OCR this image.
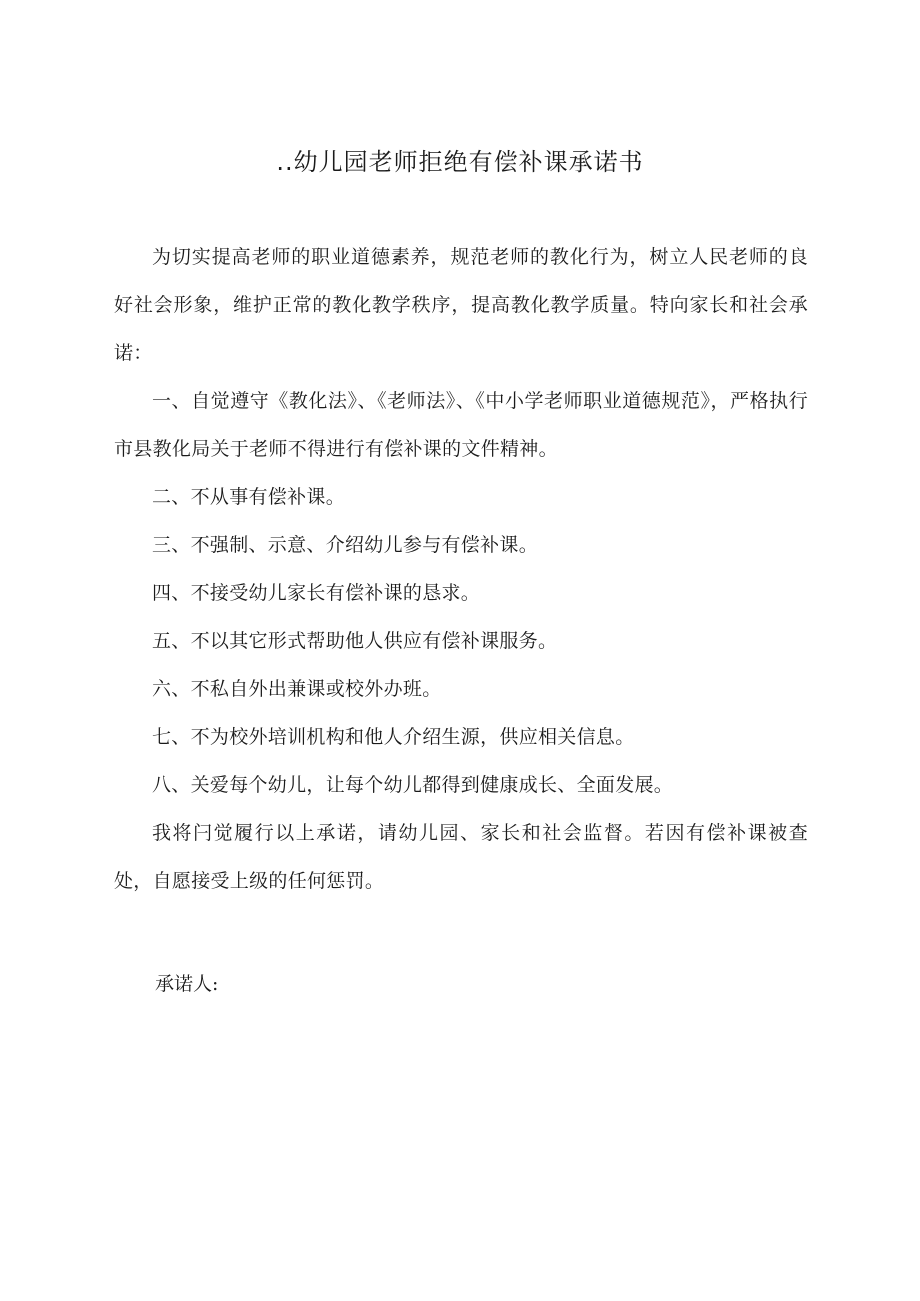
..幼儿园老师拒绝有偿补课承诺书

为切实提高老师的职业道德素养，规范老师的教化行为，树立人民老师的良好社会形象，维护正常的教化教学秩序，提高教化教学质量。特向家长和社会承诺：

一、自觉遵守《教化法》、《老师法》、《中小学老师职业道德规范》，严格执行市县教化局关于老师不得进行有偿补课的文件精神。

二、不从事有偿补课。

三、不强制、示意、介绍幼儿参与有偿补课。

四、不接受幼儿家长有偿补课的恳求。

五、不以其它形式帮助他人供应有偿补课服务。

六、不私自外出兼课或校外办班。

七、不为校外培训机构和他人介绍生源，供应相关信息。

八、关爱每个幼儿，让每个幼儿都得到健康成长、全面发展。

我将闩觉履行以上承诺，请幼儿园、家长和社会监督。若因有偿补课被查处，自愿接受上级的任何惩罚。

承诺人:
